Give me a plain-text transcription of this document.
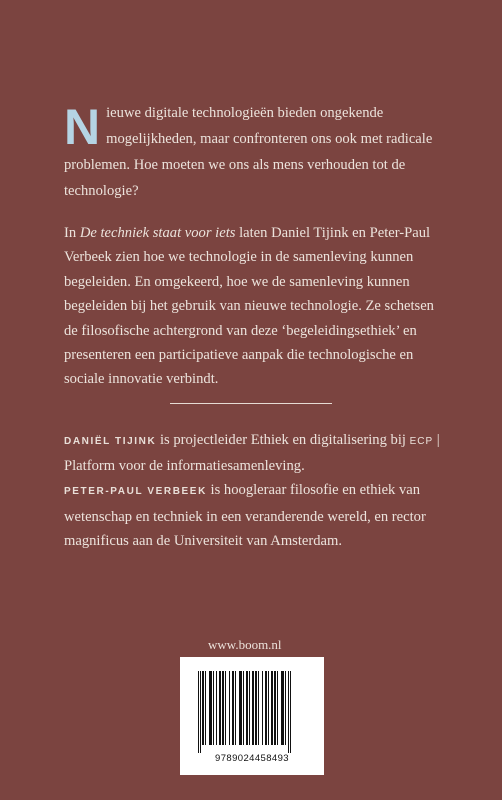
Nieuwe digitale technologieën bieden ongekende mogelijkheden, maar confronteren ons ook met radicale problemen. Hoe moeten we ons als mens verhouden tot de technologie?

In De techniek staat voor iets laten Daniel Tijink en Peter-Paul Verbeek zien hoe we technologie in de samenleving kunnen begeleiden. En omgekeerd, hoe we de samenleving kunnen begeleiden bij het gebruik van nieuwe technologie. Ze schetsen de filosofische achtergrond van deze ‘begeleidingsethiek’ en presenteren een participatieve aanpak die technologische en sociale innovatie verbindt.

DANIËL TIJINK is projectleider Ethiek en digitalisering bij ECP | Platform voor de informatiesamenleving.
PETER-PAUL VERBEEK is hoogleraar filosofie en ethiek van wetenschap en techniek in een veranderende wereld, en rector magnificus aan de Universiteit van Amsterdam.

www.boom.nl
9789024458493
